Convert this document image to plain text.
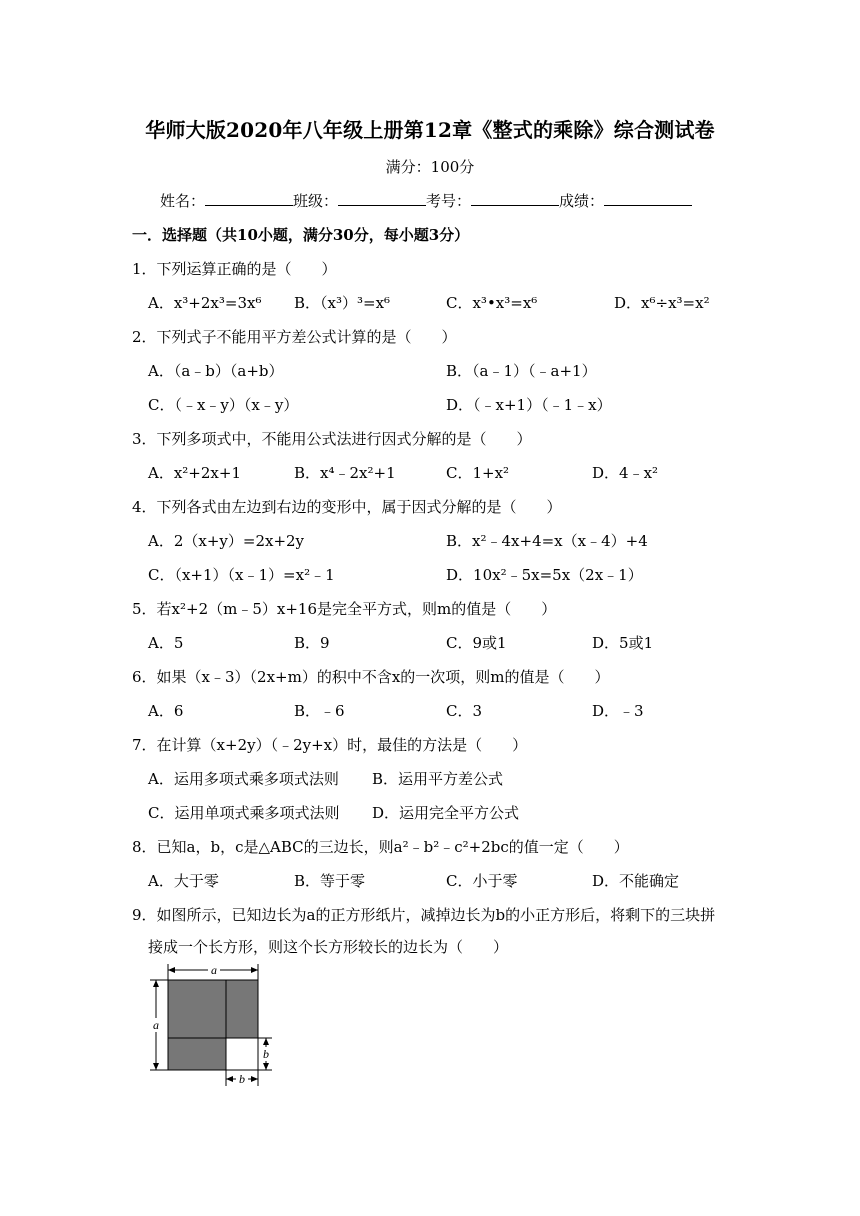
华师大版2020年八年级上册第12章《整式的乘除》综合测试卷
满分：100分
姓名：	班级：	考号：	成绩：
一．选择题（共10小题，满分30分，每小题3分）
1．下列运算正确的是（　　）
A．x³+2x³=3x⁶ B．（x³）³=x⁶	C．x³•x³=x⁶	D．x⁶÷x³=x²
2．下列式子不能用平方差公式计算的是（　　）
A．（a﹣b）（a+b）	B．（a﹣1）（﹣a+1）
C．（﹣x﹣y）（x﹣y）	D．（﹣x+1）（﹣1﹣x）
3．下列多项式中，不能用公式法进行因式分解的是（　　）
A．x²+2x+1	B．x⁴﹣2x²+1	C．1+x²	D．4﹣x²
4．下列各式由左边到右边的变形中，属于因式分解的是（　　）
A．2（x+y）=2x+2y	B．x²﹣4x+4=x（x﹣4）+4
C．（x+1）（x﹣1）=x²﹣1	D．10x²﹣5x=5x（2x﹣1）
5．若x²+2（m﹣5）x+16是完全平方式，则m的值是（　　）
A．5	B．9	C．9或1	D．5或1
6．如果（x﹣3）（2x+m）的积中不含x的一次项，则m的值是（　　）
A．6	B．﹣6	C．3	D．﹣3
7．在计算（x+2y）（﹣2y+x）时，最佳的方法是（　　）
A．运用多项式乘多项式法则 B．运用平方差公式
C．运用单项式乘多项式法则 D．运用完全平方公式
8．已知a，b，c是△ABC的三边长，则a²﹣b²﹣c²+2bc的值一定（　　）
A．大于零	B．等于零	C．小于零	D．不能确定
9．如图所示，已知边长为a的正方形纸片，减掉边长为b的小正方形后，将剩下的三块拼
接成一个长方形，则这个长方形较长的边长为（　　）
a
a
b
b
